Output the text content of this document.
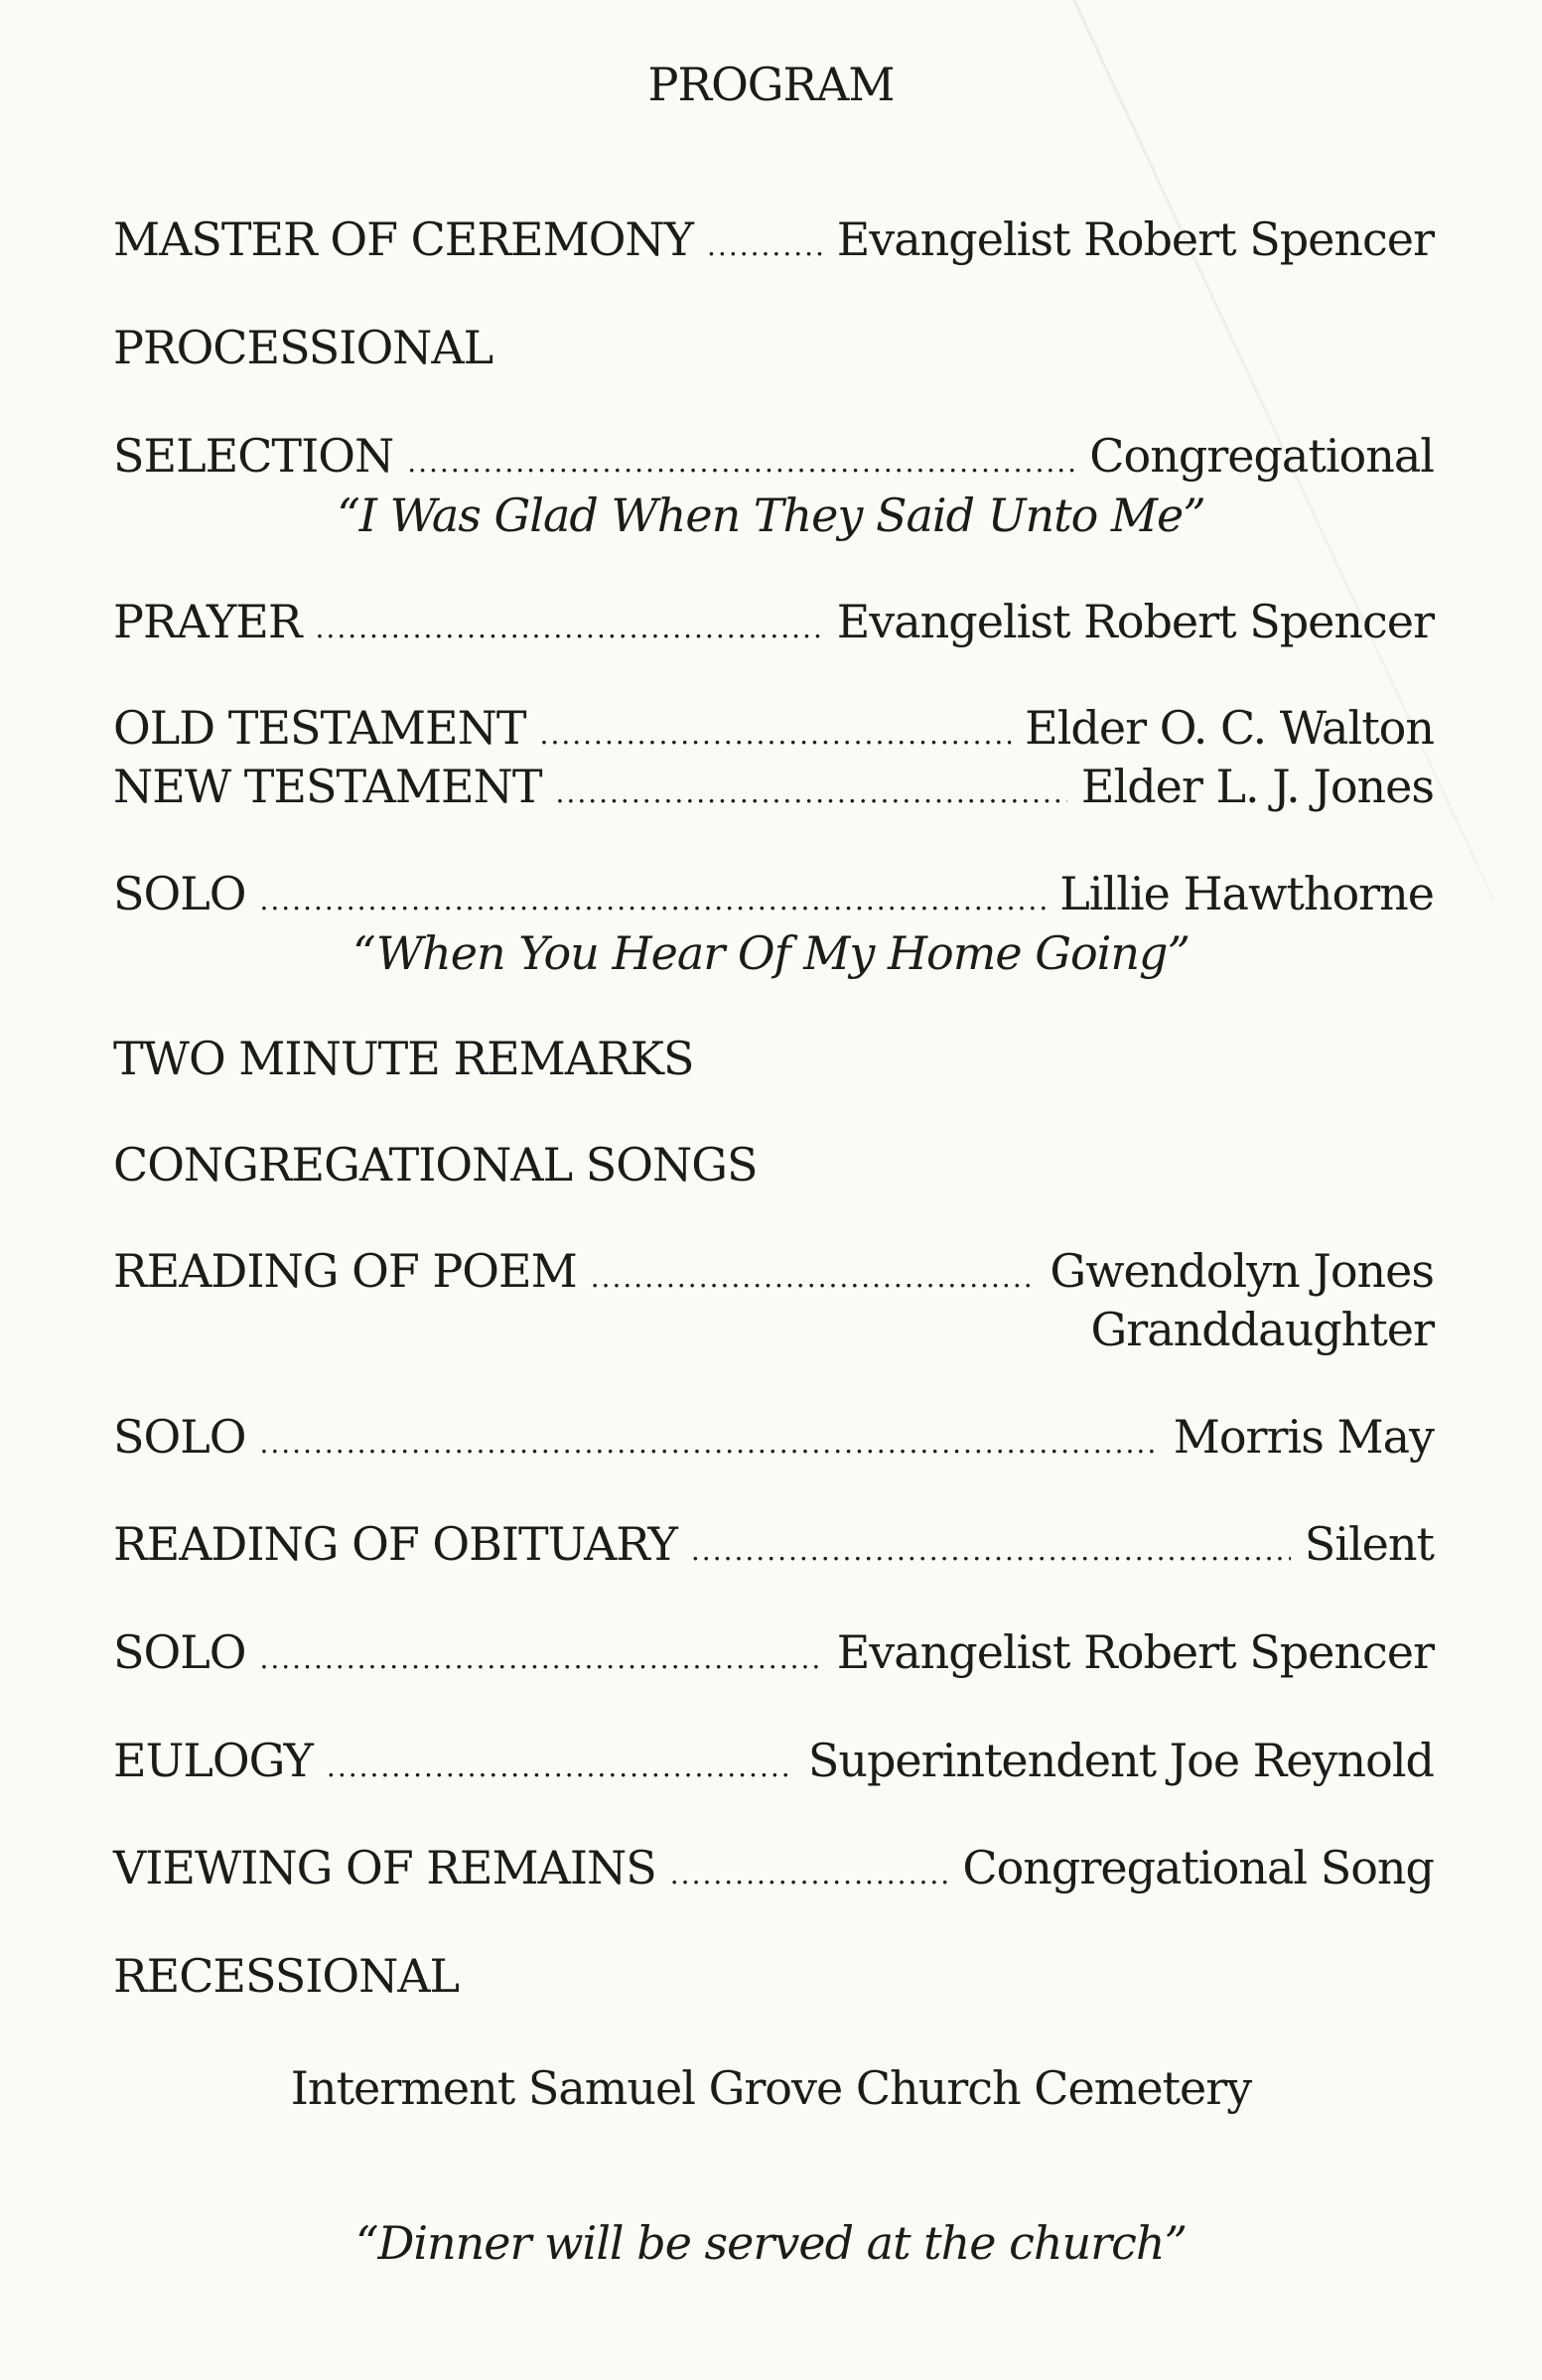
PROGRAM
MASTER OF CEREMONY .....	Evangelist Robert Spencer
PROCESSIONAL
SELECTION .....	Congregational
“I Was Glad When They Said Unto Me”
PRAYER .....	Evangelist Robert Spencer
OLD TESTAMENT .....	Elder O. C. Walton
NEW TESTAMENT .....	Elder L. J. Jones
SOLO .....	Lillie Hawthorne
“When You Hear Of My Home Going”
TWO MINUTE REMARKS
CONGREGATIONAL SONGS
READING OF POEM .....	Gwendolyn Jones
Granddaughter
SOLO .....	Morris May
READING OF OBITUARY .....	Silent
SOLO .....	Evangelist Robert Spencer
EULOGY .....	Superintendent Joe Reynold
VIEWING OF REMAINS .....	Congregational Song
RECESSIONAL
Interment Samuel Grove Church Cemetery
“Dinner will be served at the church”
